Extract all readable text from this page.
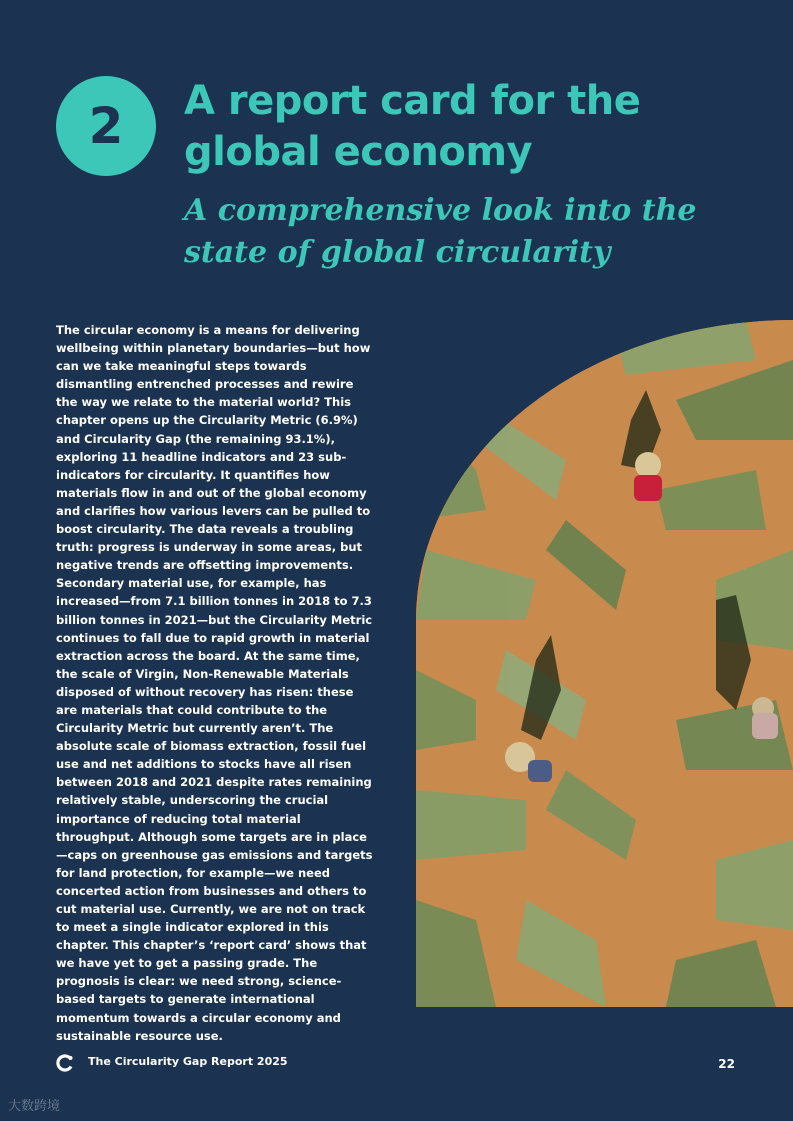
2 A report card for the global economy
A comprehensive look into the state of global circularity

The circular economy is a means for delivering wellbeing within planetary boundaries—but how can we take meaningful steps towards dismantling entrenched processes and rewire the way we relate to the material world? This chapter opens up the Circularity Metric (6.9%) and Circularity Gap (the remaining 93.1%), exploring 11 headline indicators and 23 sub-indicators for circularity. It quantifies how materials flow in and out of the global economy and clarifies how various levers can be pulled to boost circularity. The data reveals a troubling truth: progress is underway in some areas, but negative trends are offsetting improvements. Secondary material use, for example, has increased—from 7.1 billion tonnes in 2018 to 7.3 billion tonnes in 2021—but the Circularity Metric continues to fall due to rapid growth in material extraction across the board. At the same time, the scale of Virgin, Non-Renewable Materials disposed of without recovery has risen: these are materials that could contribute to the Circularity Metric but currently aren’t. The absolute scale of biomass extraction, fossil fuel use and net additions to stocks have all risen between 2018 and 2021 despite rates remaining relatively stable, underscoring the crucial importance of reducing total material throughput. Although some targets are in place—caps on greenhouse gas emissions and targets for land protection, for example—we need concerted action from businesses and others to cut material use. Currently, we are not on track to meet a single indicator explored in this chapter. This chapter’s ‘report card’ shows that we have yet to get a passing grade. The prognosis is clear: we need strong, science-based targets to generate international momentum towards a circular economy and sustainable resource use.

The Circularity Gap Report 2025	22
大数跨境
